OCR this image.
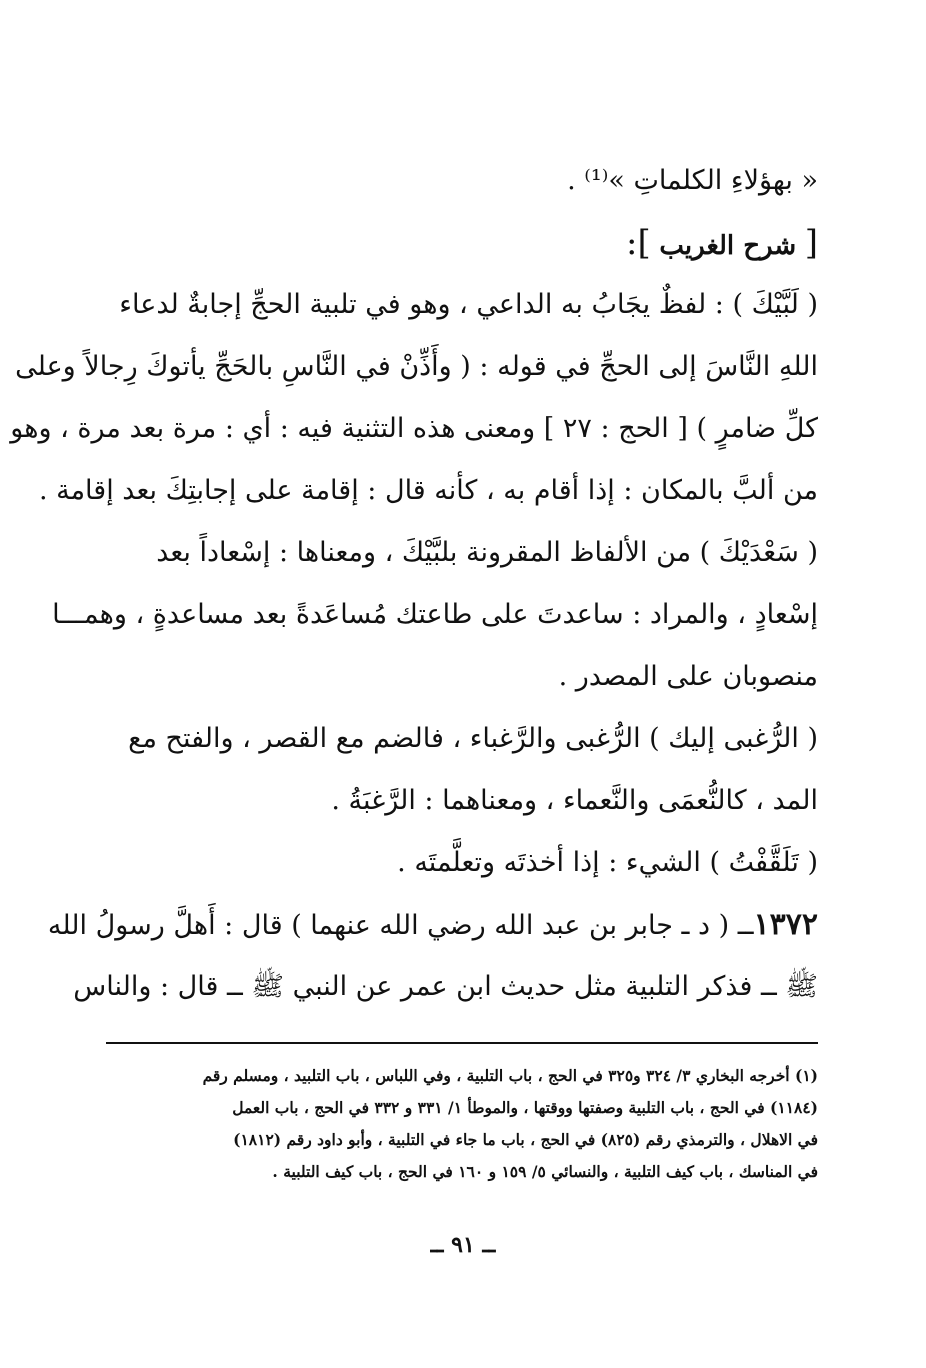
« بهؤلاءِ الكلماتِ »⁽¹⁾ .
[ شرح الغريب ]:
( لَبَّيْكَ ) : لفظٌ يجَابُ به الداعي ، وهو في تلبية الحجِّ إجابةٌ لدعاء
اللهِ النَّاسَ إلى الحجِّ في قوله : ( وأَذِّنْ في النَّاسِ بالحَجِّ يأتوكَ رِجالاً وعلى
كلِّ ضامرٍ ) [ الحج : ٢٧ ] ومعنى هذه التثنية فيه : أي : مرة بعد مرة ، وهو
من ألبَّ بالمكان : إذا أقام به ، كأنه قال : إقامة على إجابتِكَ بعد إقامة .
( سَعْدَيْكَ ) من الألفاظ المقرونة بلبَّيْكَ ، ومعناها : إسْعاداً بعد
إسْعادٍ ، والمراد : ساعدتَ على طاعتك مُساعَدةً بعد مساعدةٍ ، وهمـــا
منصوبان على المصدر .
( الرُّغبى إليك ) الرُّغبى والرَّغباء ، فالضم مع القصر ، والفتح مع
المد ، كالنُّعمَى والنَّعماء ، ومعناهما : الرَّغبَةُ .
( تَلَقَّفْتُ ) الشيء : إذا أخذتَه وتعلَّمتَه .
١٣٧٢ــ ( د ـ جابر بن عبد الله رضي الله عنهما ) قال : أَهلَّ رسولُ الله
ﷺ ــ فذكر التلبية مثل حديث ابن عمر عن النبي ﷺ ــ قال : والناس
(١) أخرجه البخاري ٣/ ٣٢٤ و٣٢٥ في الحج ، باب التلبية ، وفي اللباس ، باب التلبيد ، ومسلم رقم
(١١٨٤) في الحج ، باب التلبية وصفتها ووقتها ، والموطأ ١/ ٣٣١ و ٣٣٢ في الحج ، باب العمل
في الاهلال ، والترمذي رقم (٨٢٥) في الحج ، باب ما جاء في التلبية ، وأبو داود رقم (١٨١٢)
في المناسك ، باب كيف التلبية ، والنسائي ٥/ ١٥٩ و ١٦٠ في الحج ، باب كيف التلبية .
ــ ٩١ ــ
